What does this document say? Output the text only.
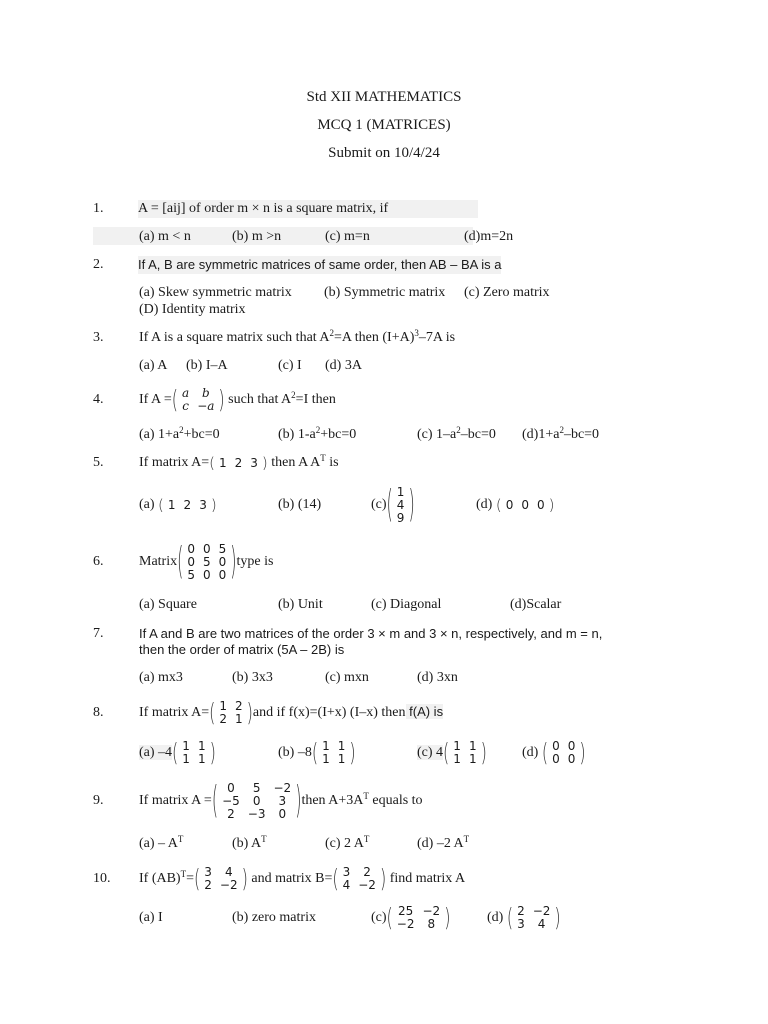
Std XII MATHEMATICS
MCQ 1 (MATRICES)
Submit on 10/4/24
1. A = [aij] of order m × n is a square matrix, if
(a) m < n	(b) m >n	(c) m=n	(d)m=2n
2.	If A, B are symmetric matrices of same order, then AB – BA is a
(a) Skew symmetric matrix (b) Symmetric matrix (c) Zero matrix
(D) Identity matrix
3.	If A is a square matrix such that $A^2=A$ then $(I+A)^3-7A$ is
(a) A (b) I–A	(c) I (d) 3A
4.	If A = ( a	b
c	−a ) such that $A^2=I$ then
(a) $1+a^2+bc=0$	(b) $1-a^2+bc=0$	(c) $1-a^2-bc=0$ $(d)1+a^2-bc=0$
5.	If matrix A= ( 1	2	3 ) then A $A^T$ is
(a) ( 1	2	3 )	(b) (14)	(c) ( 1
4
9 )	(d) ( 0	0	0 )
6.	Matrix ( 0	0	5
0	5	0
5	0	0 ) type is
(a) Square	(b) Unit	(c) Diagonal	(d)Scalar
7.	If A and B are two matrices of the order 3 × m and 3 × n, respectively, and m = n,
then the order of matrix (5A – 2B) is
(a) mx3	(b) 3x3	(c) mxn	(d) 3xn
8.	If matrix A= ( 1	2
2	1 ) and if f(x)=(I+x) (I–x) then f(A) is
(a) –4 ( 1	1
1	1 )	(b) –8 ( 1	1
1	1 )	(c) 4 ( 1	1
1	1 )	(d) ( 0	0
0	0 )
9.	If matrix A = ( 0	5	−2
−5	0	3
2	−3	0 ) then $A+3A^T$ equals to
$(a) - A^T$	(b) $A^T$	(c) 2 $A^T$	(d) –2 $A^T$
10. If (AB)$^T$= ( 3	4
2	−2 ) and matrix B= ( 3	2
4	−2 ) find matrix A
(a) I	(b) zero matrix	(c) ( 25	−2
−2	8 )	(d) ( 2	−2
3	4 )
